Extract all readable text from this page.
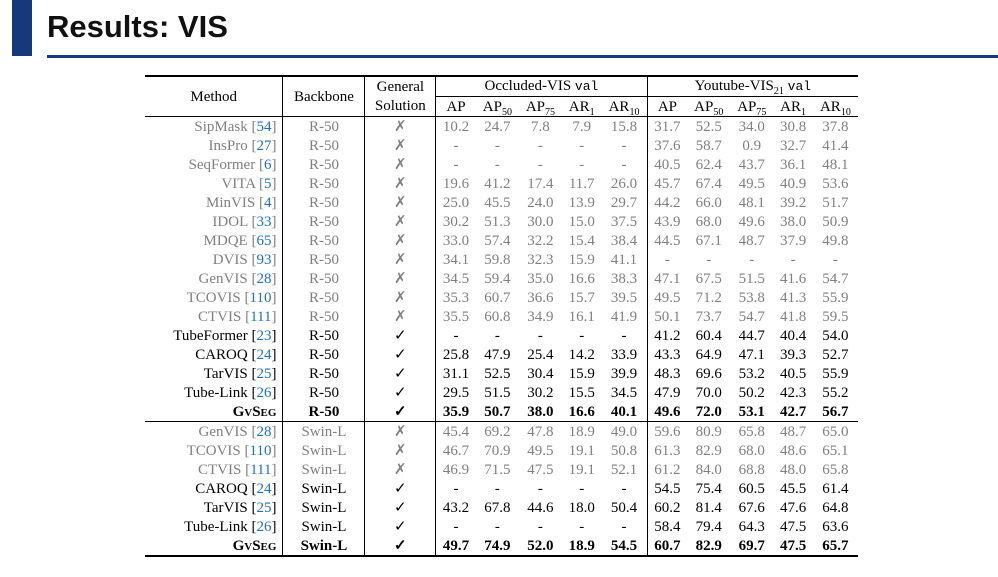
Results: VIS
Method	Backbone	General	Occluded-VIS val					Youtube-$VIS_{21}$ val				
		Solution	AP	$AP_{50}$	$AP_{75}$	$AR_1$	$AR_{10}$	AP	$AP_{50}$	$AP_{75}$	$AR_1$	$AR_{10}$
SipMask [54]	R-50	✗	10.2	24.7	7.8	7.9	15.8	31.7	52.5	34.0	30.8	37.8
InsPro [27]	R-50	✗	-	-	-	-	-	37.6	58.7	0.9	32.7	41.4
SeqFormer [6]	R-50	✗	-	-	-	-	-	40.5	62.4	43.7	36.1	48.1
VITA [5]	R-50	✗	19.6	41.2	17.4	11.7	26.0	45.7	67.4	49.5	40.9	53.6
MinVIS [4]	R-50	✗	25.0	45.5	24.0	13.9	29.7	44.2	66.0	48.1	39.2	51.7
IDOL [33]	R-50	✗	30.2	51.3	30.0	15.0	37.5	43.9	68.0	49.6	38.0	50.9
MDQE [65]	R-50	✗	33.0	57.4	32.2	15.4	38.4	44.5	67.1	48.7	37.9	49.8
DVIS [93]	R-50	✗	34.1	59.8	32.3	15.9	41.1	-	-	-	-	-
GenVIS [28]	R-50	✗	34.5	59.4	35.0	16.6	38.3	47.1	67.5	51.5	41.6	54.7
TCOVIS [110]	R-50	✗	35.3	60.7	36.6	15.7	39.5	49.5	71.2	53.8	41.3	55.9
CTVIS [111]	R-50	✗	35.5	60.8	34.9	16.1	41.9	50.1	73.7	54.7	41.8	59.5
TubeFormer [23]	R-50	✓	-	-	-	-	-	41.2	60.4	44.7	40.4	54.0
CAROQ [24]	R-50	✓	25.8	47.9	25.4	14.2	33.9	43.3	64.9	47.1	39.3	52.7
TarVIS [25]	R-50	✓	31.1	52.5	30.4	15.9	39.9	48.3	69.6	53.2	40.5	55.9
Tube-Link [26]	R-50	✓	29.5	51.5	30.2	15.5	34.5	47.9	70.0	50.2	42.3	55.2
GvSeg	R-50	✓	35.9	50.7	38.0	16.6	40.1	49.6	72.0	53.1	42.7	56.7
GenVIS [28]	Swin-L	✗	45.4	69.2	47.8	18.9	49.0	59.6	80.9	65.8	48.7	65.0
TCOVIS [110]	Swin-L	✗	46.7	70.9	49.5	19.1	50.8	61.3	82.9	68.0	48.6	65.1
CTVIS [111]	Swin-L	✗	46.9	71.5	47.5	19.1	52.1	61.2	84.0	68.8	48.0	65.8
CAROQ [24]	Swin-L	✓	-	-	-	-	-	54.5	75.4	60.5	45.5	61.4
TarVIS [25]	Swin-L	✓	43.2	67.8	44.6	18.0	50.4	60.2	81.4	67.6	47.6	64.8
Tube-Link [26]	Swin-L	✓	-	-	-	-	-	58.4	79.4	64.3	47.5	63.6
GvSeg	Swin-L	✓	49.7	74.9	52.0	18.9	54.5	60.7	82.9	69.7	47.5	65.7
